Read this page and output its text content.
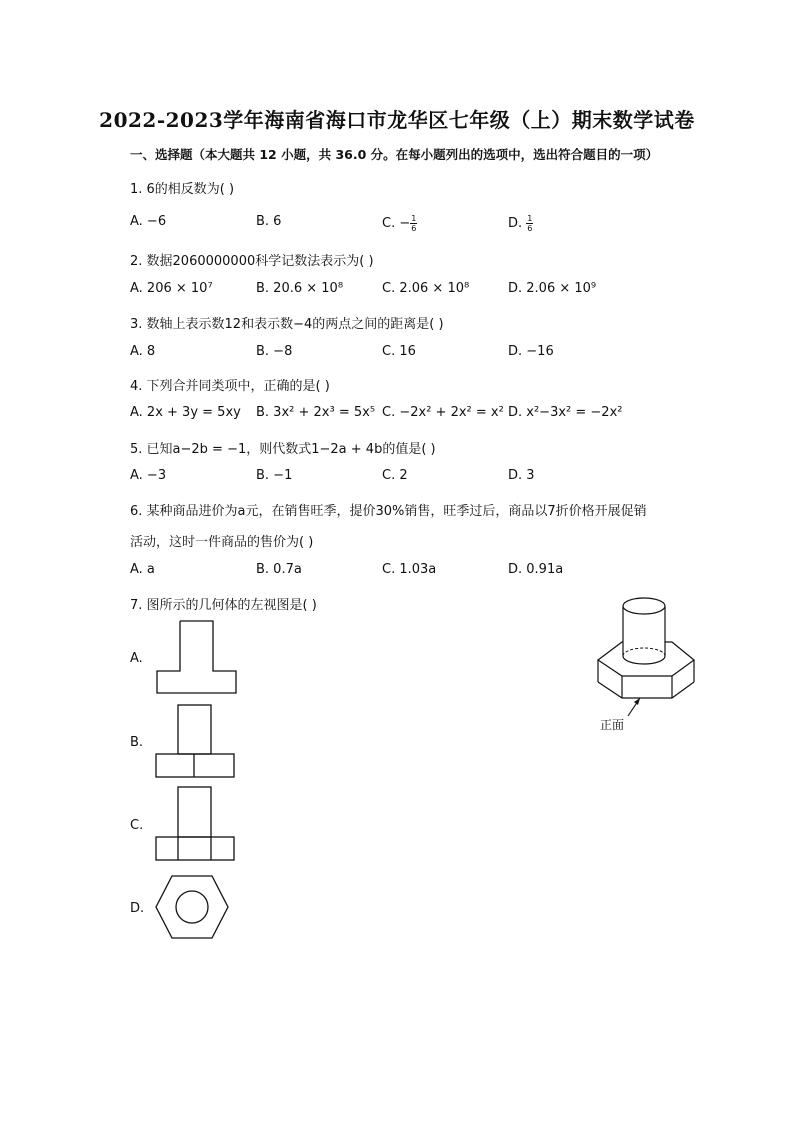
2022-2023学年海南省海口市龙华区七年级（上）期末数学试卷
一、选择题（本大题共 12 小题，共 36.0 分。在每小题列出的选项中，选出符合题目的一项）
1. 6的相反数为( )
A. −6	B. 6	C. − $\frac{1}{6}$	D. $\frac{1}{6}$
2. 数据2060000000科学记数法表示为( )
A. 206 × 10⁷	B. 20.6 × 10⁸	C. 2.06 × 10⁸	D. 2.06 × 10⁹
3. 数轴上表示数12和表示数−4的两点之间的距离是( )
A. 8	B. −8	C. 16	D. −16
4. 下列合并同类项中，正确的是( )
A. 2x + 3y = 5xy B. 3x² + 2x³ = 5x⁵ C. −2x² + 2x² = x² D. x²−3x² = −2x²
5. 已知a−2b = −1，则代数式1−2a + 4b的值是( )
A. −3	B. −1	C. 2	D. 3
6. 某种商品进价为a元，在销售旺季，提价30%销售，旺季过后，商品以7折价格开展促销
活动，这时一件商品的售价为( )
A. a	B. 0.7a	C. 1.03a	D. 0.91a
7. 图所示的几何体的左视图是( )
A.
B.
C.
D.
正面
